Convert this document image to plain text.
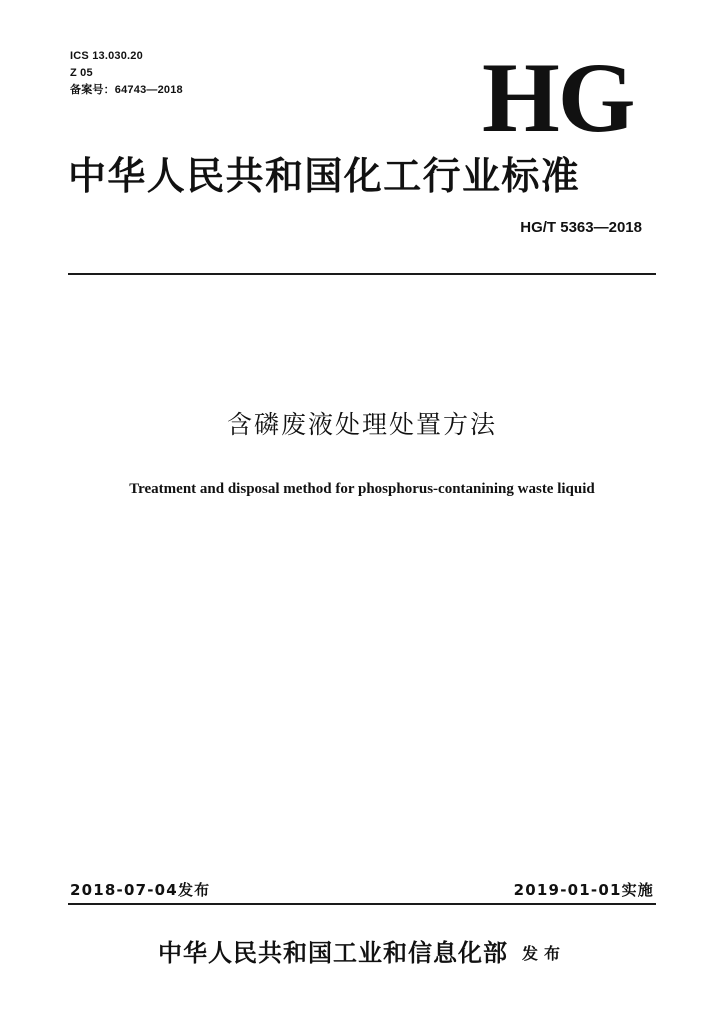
ICS 13.030.20
Z 05
备案号：64743—2018	HG
中华人民共和国化工行业标准
HG/T 5363—2018
含磷废液处理处置方法
Treatment and disposal method for phosphorus-contanining waste liquid
2018-07-04发布	2019-01-01实施
中华人民共和国工业和信息化部 发布
